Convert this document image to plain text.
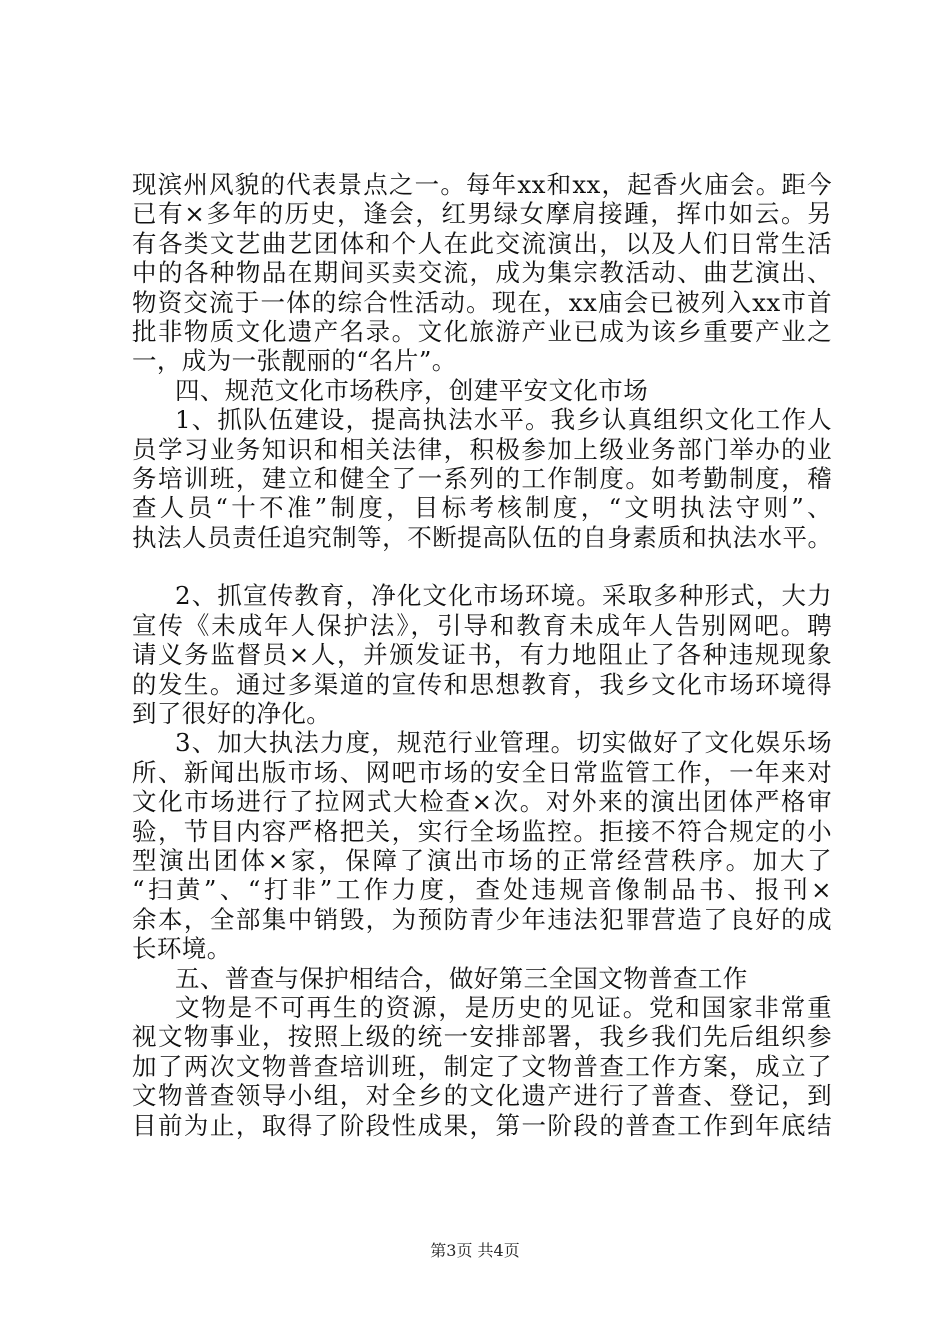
现滨州风貌的代表景点之一。每年xx和xx，起香火庙会。距今
已有×多年的历史，逢会，红男绿女摩肩接踵，挥巾如云。另
有各类文艺曲艺团体和个人在此交流演出，以及人们日常生活
中的各种物品在期间买卖交流，成为集宗教活动、曲艺演出、
物资交流于一体的综合性活动。现在，xx庙会已被列入xx市首
批非物质文化遗产名录。文化旅游产业已成为该乡重要产业之
一，成为一张靓丽的“名片”。
四、规范文化市场秩序，创建平安文化市场
1、抓队伍建设，提高执法水平。我乡认真组织文化工作人
员学习业务知识和相关法律，积极参加上级业务部门举办的业
务培训班，建立和健全了一系列的工作制度。如考勤制度，稽
查人员“十不准”制度，目标考核制度，“文明执法守则”、
执法人员责任追究制等，不断提高队伍的自身素质和执法水平。
2、抓宣传教育，净化文化市场环境。采取多种形式，大力
宣传《未成年人保护法》，引导和教育未成年人告别网吧。聘
请义务监督员×人，并颁发证书，有力地阻止了各种违规现象
的发生。通过多渠道的宣传和思想教育，我乡文化市场环境得
到了很好的净化。
3、加大执法力度，规范行业管理。切实做好了文化娱乐场
所、新闻出版市场、网吧市场的安全日常监管工作，一年来对
文化市场进行了拉网式大检查×次。对外来的演出团体严格审
验，节目内容严格把关，实行全场监控。拒接不符合规定的小
型演出团体×家，保障了演出市场的正常经营秩序。加大了
“扫黄”、“打非”工作力度，查处违规音像制品书、报刊×
余本，全部集中销毁，为预防青少年违法犯罪营造了良好的成
长环境。
五、普查与保护相结合，做好第三全国文物普查工作
文物是不可再生的资源，是历史的见证。党和国家非常重
视文物事业，按照上级的统一安排部署，我乡我们先后组织参
加了两次文物普查培训班，制定了文物普查工作方案，成立了
文物普查领导小组，对全乡的文化遗产进行了普查、登记，到
目前为止，取得了阶段性成果，第一阶段的普查工作到年底结
第3页 共4页
